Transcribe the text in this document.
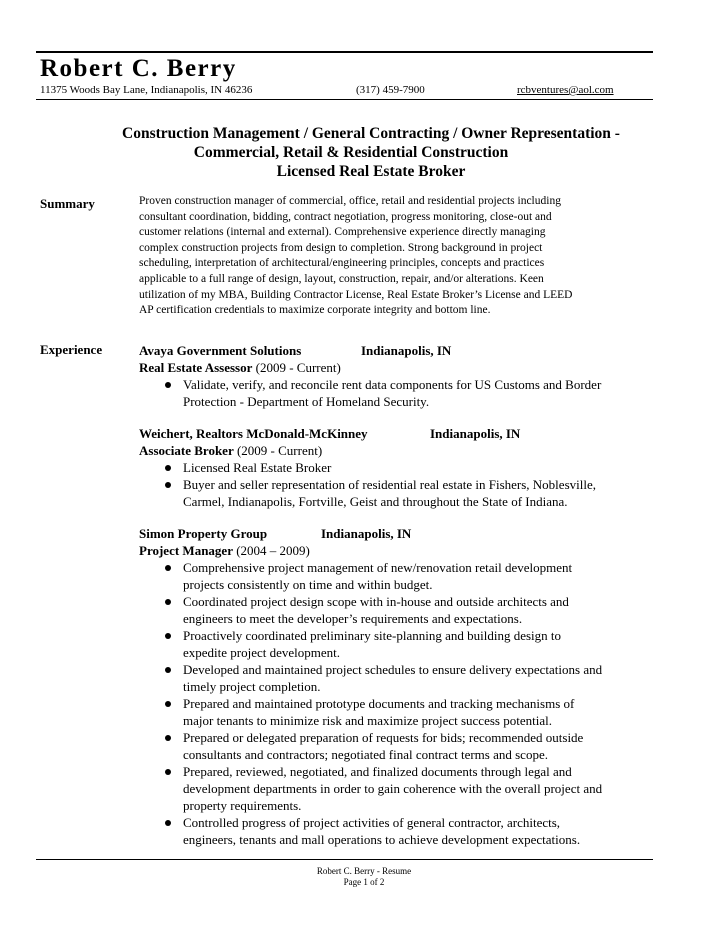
Robert C. Berry
11375 Woods Bay Lane, Indianapolis, IN 46236	(317) 459-7900	rcbventures@aol.com
Construction Management / General Contracting / Owner Representation -
Commercial, Retail & Residential Construction
Licensed Real Estate Broker
Summary	Proven construction manager of commercial, office, retail and residential projects including
consultant coordination, bidding, contract negotiation, progress monitoring, close-out and
customer relations (internal and external). Comprehensive experience directly managing
complex construction projects from design to completion. Strong background in project
scheduling, interpretation of architectural/engineering principles, concepts and practices
applicable to a full range of design, layout, construction, repair, and/or alterations. Keen
utilization of my MBA, Building Contractor License, Real Estate Broker’s License and LEED
AP certification credentials to maximize corporate integrity and bottom line.
Experience	Avaya Government Solutions	Indianapolis, IN
Real Estate Assessor (2009 - Current)
Validate, verify, and reconcile rent data components for US Customs and Border
Protection - Department of Homeland Security.
Weichert, Realtors McDonald-McKinney	Indianapolis, IN
Associate Broker (2009 - Current)
Licensed Real Estate Broker
Buyer and seller representation of residential real estate in Fishers, Noblesville,
Carmel, Indianapolis, Fortville, Geist and throughout the State of Indiana.
Simon Property Group	Indianapolis, IN
Project Manager (2004 – 2009)
Comprehensive project management of new/renovation retail development
projects consistently on time and within budget.
Coordinated project design scope with in-house and outside architects and
engineers to meet the developer’s requirements and expectations.
Proactively coordinated preliminary site-planning and building design to
expedite project development.
Developed and maintained project schedules to ensure delivery expectations and
timely project completion.
Prepared and maintained prototype documents and tracking mechanisms of
major tenants to minimize risk and maximize project success potential.
Prepared or delegated preparation of requests for bids; recommended outside
consultants and contractors; negotiated final contract terms and scope.
Prepared, reviewed, negotiated, and finalized documents through legal and
development departments in order to gain coherence with the overall project and
property requirements.
Controlled progress of project activities of general contractor, architects,
engineers, tenants and mall operations to achieve development expectations.
Robert C. Berry - Resume
Page 1 of 2
